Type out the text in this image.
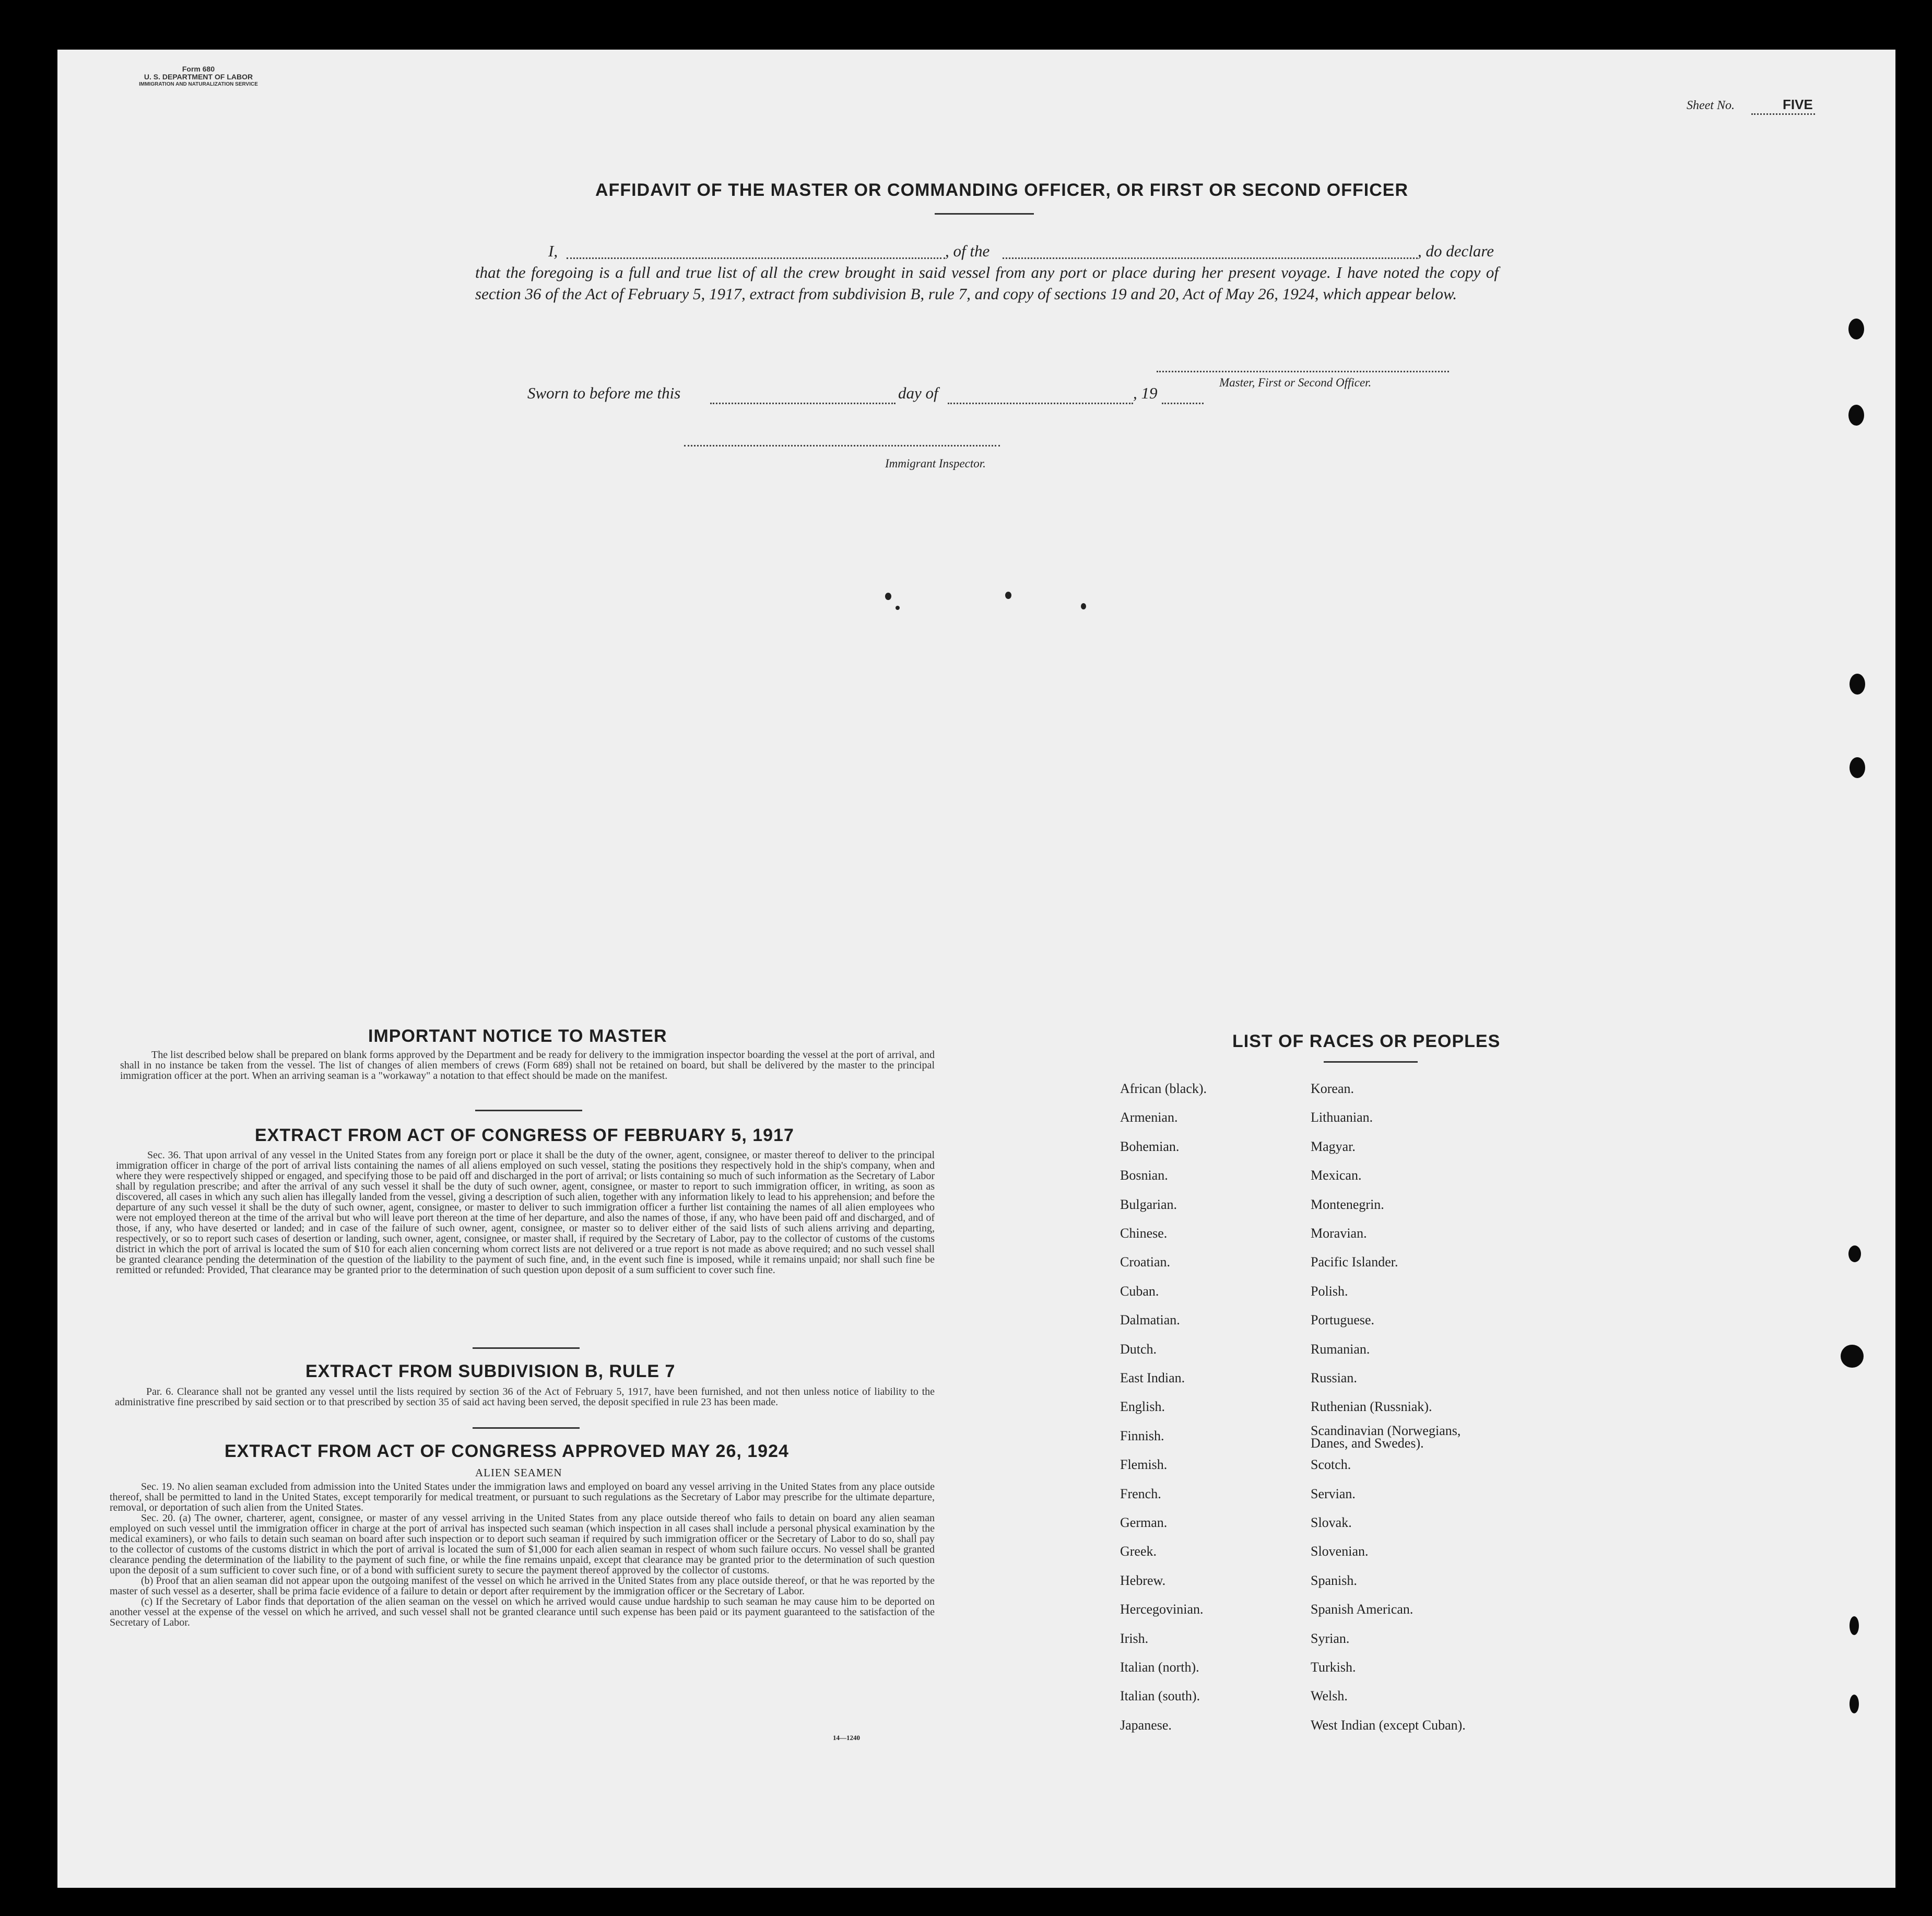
Form 680
U. S. DEPARTMENT OF LABOR
IMMIGRATION AND NATURALIZATION SERVICE
Sheet No.	FIVE
AFFIDAVIT OF THE MASTER OR COMMANDING OFFICER, OR FIRST OR SECOND OFFICER
I,	, of the	, do declare
that the foregoing is a full and true list of all the crew brought in said vessel from any port or place during her present voyage. I have noted the copy of section 36 of the Act of February 5, 1917, extract from subdivision B, rule 7, and copy of sections 19 and 20, Act of May 26, 1924, which appear below.
Master, First or Second Officer.
Sworn to before me this	day of	, 19
Immigrant Inspector.
IMPORTANT NOTICE TO MASTER
The list described below shall be prepared on blank forms approved by the Department and be ready for delivery to the immigration inspector boarding the vessel at the port of arrival, and shall in no instance be taken from the vessel. The list of changes of alien members of crews (Form 689) shall not be retained on board, but shall be delivered by the master to the principal immigration officer at the port. When an arriving seaman is a "workaway" a notation to that effect should be made on the manifest.
EXTRACT FROM ACT OF CONGRESS OF FEBRUARY 5, 1917
Sec. 36. That upon arrival of any vessel in the United States from any foreign port or place it shall be the duty of the owner, agent, consignee, or master thereof to deliver to the principal immigration officer in charge of the port of arrival lists containing the names of all aliens employed on such vessel, stating the positions they respectively hold in the ship's company, when and where they were respectively shipped or engaged, and specifying those to be paid off and discharged in the port of arrival; or lists containing so much of such information as the Secretary of Labor shall by regulation prescribe; and after the arrival of any such vessel it shall be the duty of such owner, agent, consignee, or master to report to such immigration officer, in writing, as soon as discovered, all cases in which any such alien has illegally landed from the vessel, giving a description of such alien, together with any information likely to lead to his apprehension; and before the departure of any such vessel it shall be the duty of such owner, agent, consignee, or master to deliver to such immigration officer a further list containing the names of all alien employees who were not employed thereon at the time of the arrival but who will leave port thereon at the time of her departure, and also the names of those, if any, who have been paid off and discharged, and of those, if any, who have deserted or landed; and in case of the failure of such owner, agent, consignee, or master so to deliver either of the said lists of such aliens arriving and departing, respectively, or so to report such cases of desertion or landing, such owner, agent, consignee, or master shall, if required by the Secretary of Labor, pay to the collector of customs of the customs district in which the port of arrival is located the sum of $10 for each alien concerning whom correct lists are not delivered or a true report is not made as above required; and no such vessel shall be granted clearance pending the determination of the question of the liability to the payment of such fine, and, in the event such fine is imposed, while it remains unpaid; nor shall such fine be remitted or refunded: Provided, That clearance may be granted prior to the determination of such question upon deposit of a sum sufficient to cover such fine.
EXTRACT FROM SUBDIVISION B, RULE 7
Par. 6. Clearance shall not be granted any vessel until the lists required by section 36 of the Act of February 5, 1917, have been furnished, and not then unless notice of liability to the administrative fine prescribed by said section or to that prescribed by section 35 of said act having been served, the deposit specified in rule 23 has been made.
EXTRACT FROM ACT OF CONGRESS APPROVED MAY 26, 1924
ALIEN SEAMEN
Sec. 19. No alien seaman excluded from admission into the United States under the immigration laws and employed on board any vessel arriving in the United States from any place outside thereof, shall be permitted to land in the United States, except temporarily for medical treatment, or pursuant to such regulations as the Secretary of Labor may prescribe for the ultimate departure, removal, or deportation of such alien from the United States.
Sec. 20. (a) The owner, charterer, agent, consignee, or master of any vessel arriving in the United States from any place outside thereof who fails to detain on board any alien seaman employed on such vessel until the immigration officer in charge at the port of arrival has inspected such seaman (which inspection in all cases shall include a personal physical examination by the medical examiners), or who fails to detain such seaman on board after such inspection or to deport such seaman if required by such immigration officer or the Secretary of Labor to do so, shall pay to the collector of customs of the customs district in which the port of arrival is located the sum of $1,000 for each alien seaman in respect of whom such failure occurs. No vessel shall be granted clearance pending the determination of the liability to the payment of such fine, or while the fine remains unpaid, except that clearance may be granted prior to the determination of such question upon the deposit of a sum sufficient to cover such fine, or of a bond with sufficient surety to secure the payment thereof approved by the collector of customs.
(b) Proof that an alien seaman did not appear upon the outgoing manifest of the vessel on which he arrived in the United States from any place outside thereof, or that he was reported by the master of such vessel as a deserter, shall be prima facie evidence of a failure to detain or deport after requirement by the immigration officer or the Secretary of Labor.
(c) If the Secretary of Labor finds that deportation of the alien seaman on the vessel on which he arrived would cause undue hardship to such seaman he may cause him to be deported on another vessel at the expense of the vessel on which he arrived, and such vessel shall not be granted clearance until such expense has been paid or its payment guaranteed to the satisfaction of the Secretary of Labor.
14—1240
LIST OF RACES OR PEOPLES
African (black).
Armenian.
Bohemian.
Bosnian.
Bulgarian.
Chinese.
Croatian.
Cuban.
Dalmatian.
Dutch.
East Indian.
English.
Finnish.
Flemish.
French.
German.
Greek.
Hebrew.
Hercegovinian.
Irish.
Italian (north).
Italian (south).
Japanese.
Korean.
Lithuanian.
Magyar.
Mexican.
Montenegrin.
Moravian.
Pacific Islander.
Polish.
Portuguese.
Rumanian.
Russian.
Ruthenian (Russniak).
Scandinavian (Norwegians, Danes, and Swedes).
Scotch.
Servian.
Slovak.
Slovenian.
Spanish.
Spanish American.
Syrian.
Turkish.
Welsh.
West Indian (except Cuban).
